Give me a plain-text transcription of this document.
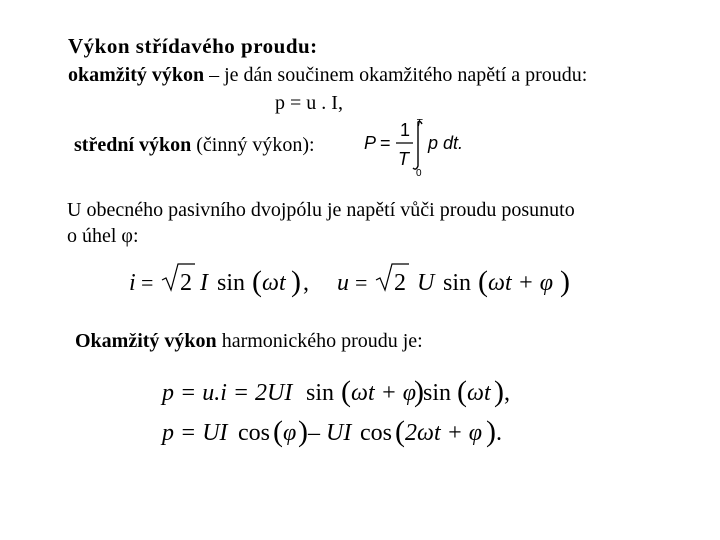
Výkon střídavého proudu:
okamžitý výkon – je dán součinem okamžitého napětí a proudu:
p = u . I,
střední výkon (činný výkon):	P =
1
T
T
0
p dt.
U obecného pasivního dvojpólu je napětí vůči proudu posunuto
o úhel φ:
i = 2 I sin ( ωt ) , u = 2 U sin ( ωt + φ )
Okamžitý výkon harmonického proudu je:
p = u.i = 2UI sin ( ωt + φ
) sin ( ωt ) ,
p = UI cos ( φ ) – UI cos ( 2ωt + φ ) .
